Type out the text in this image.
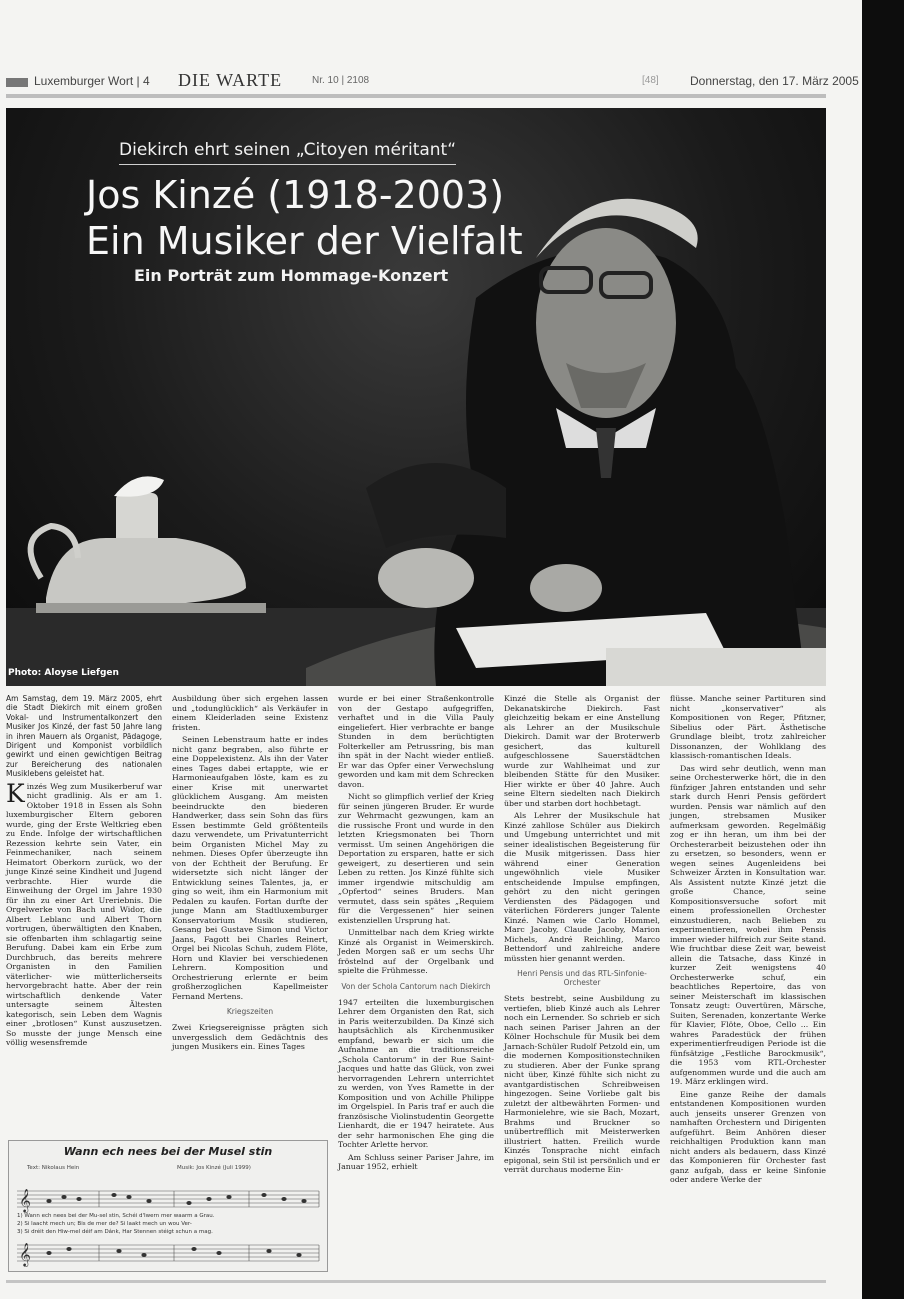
Luxemburger Wort | 4 DIE WARTE	Nr. 10 | 2108	[48]	Donnerstag, den 17. März 2005
Diekirch ehrt seinen „Citoyen méritant“
Jos Kinzé (1918-2003)
Ein Musiker der Vielfalt
Ein Porträt zum Hommage-Konzert
Photo: Aloyse Liefgen

Am Samstag, dem 19. März 2005, ehrt die Stadt Diekirch mit einem großen Vokal- und Instrumentalkonzert den Musiker Jos Kinzé, der fast 50 Jahre lang in ihren Mauern als Organist, Pädagoge, Dirigent und Komponist vorbildlich gewirkt und einen gewichtigen Beitrag zur Bereicherung des nationalen Musiklebens geleistet hat.

Kinzés Weg zum Musikerberuf war nicht gradlinig. Als er am 1. Oktober 1918 in Essen als Sohn luxemburgischer Eltern geboren wurde, ging der Erste Weltkrieg eben zu Ende. Infolge der wirtschaftlichen Rezession kehrte sein Vater, ein Feinmechaniker, nach seinem Heimatort Oberkorn zurück, wo der junge Kinzé seine Kindheit und Jugend verbrachte. Hier wurde die Einweihung der Orgel im Jahre 1930 für ihn zu einer Art Ureriebnis. Die Orgelwerke von Bach und Widor, die Albert Leblanc und Albert Thorn vortrugen, überwältigten den Knaben, sie offenbarten ihm schlagartig seine Berufung. Dabei kam ein Erbe zum Durchbruch, das bereits mehrere Organisten in den Familien väterlicher- wie mütterlicherseits hervorgebracht hatte. Aber der rein wirtschaftlich denkende Vater untersagte seinem Ältesten kategorisch, sein Leben dem Wagnis einer „brotlosen“ Kunst auszusetzen. So musste der junge Mensch eine völlig wesensfremde

Ausbildung über sich ergehen lassen und „todunglücklich“ als Verkäufer in einem Kleiderladen seine Existenz fristen.

Seinen Lebenstraum hatte er indes nicht ganz begraben, also führte er eine Doppelexistenz. Als ihn der Vater eines Tages dabei ertappte, wie er Harmonieaufgaben löste, kam es zu einer Krise mit unerwartet glücklichem Ausgang. Am meisten beeindruckte den biederen Handwerker, dass sein Sohn das fürs Essen bestimmte Geld größtenteils dazu verwendete, um Privatunterricht beim Organisten Michel May zu nehmen. Dieses Opfer überzeugte ihn von der Echtheit der Berufung. Er widersetzte sich nicht länger der Entwicklung seines Talentes, ja, er ging so weit, ihm ein Harmonium mit Pedalen zu kaufen. Fortan durfte der junge Mann am Stadtluxemburger Konservatorium Musik studieren, Gesang bei Gustave Simon und Victor Jaans, Fagott bei Charles Reinert, Orgel bei Nicolas Schuh, zudem Flöte, Horn und Klavier bei verschiedenen Lehrern. Komposition und Orchestrierung erlernte er beim großherzoglichen Kapellmeister Fernand Mertens.

Kriegszeiten

Zwei Kriegsereignisse prägten sich unvergesslich dem Gedächtnis des jungen Musikers ein. Eines Tages

wurde er bei einer Straßenkontrolle von der Gestapo aufgegriffen, verhaftet und in die Villa Pauly eingeliefert. Hier verbrachte er bange Stunden in dem berüchtigten Folterkeller am Petrussring, bis man ihn spät in der Nacht wieder entließ. Er war das Opfer einer Verwechslung geworden und kam mit dem Schrecken davon.

Nicht so glimpflich verlief der Krieg für seinen jüngeren Bruder. Er wurde zur Wehrmacht gezwungen, kam an die russische Front und wurde in den letzten Kriegsmonaten bei Thorn vermisst. Um seinen Angehörigen die Deportation zu ersparen, hatte er sich geweigert, zu desertieren und sein Leben zu retten. Jos Kinzé fühlte sich immer irgendwie mitschuldig am „Opfertod“ seines Bruders. Man vermutet, dass sein spätes „Requiem für die Vergessenen“ hier seinen existenziellen Ursprung hat.

Unmittelbar nach dem Krieg wirkte Kinzé als Organist in Weimerskirch. Jeden Morgen saß er um sechs Uhr fröstelnd auf der Orgelbank und spielte die Frühmesse.

Von der Schola Cantorum nach Diekirch

1947 erteilten die luxemburgischen Lehrer dem Organisten den Rat, sich in Paris weiterzubilden. Da Kinzé sich hauptsächlich als Kirchenmusiker empfand, bewarb er sich um die Aufnahme an die traditionsreiche „Schola Cantorum“ in der Rue Saint-Jacques und hatte das Glück, von zwei hervorragenden Lehrern unterrichtet zu werden, von Yves Ramette in der Komposition und von Achille Philippe im Orgelspiel. In Paris traf er auch die französische Violinstudentin Georgette Lienhardt, die er 1947 heiratete. Aus der sehr harmonischen Ehe ging die Tochter Arlette hervor.

Am Schluss seiner Pariser Jahre, im Januar 1952, erhielt

Kinzé die Stelle als Organist der Dekanatskirche Diekirch. Fast gleichzeitig bekam er eine Anstellung als Lehrer an der Musikschule Diekirch. Damit war der Broterwerb gesichert, das kulturell aufgeschlossene Sauerstädtchen wurde zur Wahlheimat und zur bleibenden Stätte für den Musiker. Hier wirkte er über 40 Jahre. Auch seine Eltern siedelten nach Diekirch über und starben dort hochbetagt.

Als Lehrer der Musikschule hat Kinzé zahllose Schüler aus Diekirch und Umgebung unterrichtet und mit seiner idealistischen Begeisterung für die Musik mitgerissen. Dass hier während einer Generation ungewöhnlich viele Musiker entscheidende Impulse empfingen, gehört zu den nicht geringen Verdiensten des Pädagogen und väterlichen Förderers junger Talente Kinzé. Namen wie Carlo Hommel, Marc Jacoby, Claude Jacoby, Marion Michels, André Reichling, Marco Bettendorf und zahlreiche andere müssten hier genannt werden.

Henri Pensis und das RTL-Sinfonie-Orchester

Stets bestrebt, seine Ausbildung zu vertiefen, blieb Kinzé auch als Lehrer noch ein Lernender. So schrieb er sich nach seinen Pariser Jahren an der Kölner Hochschule für Musik bei dem Jarnach-Schüler Rudolf Petzold ein, um die modernen Kompositionstechniken zu studieren. Aber der Funke sprang nicht über, Kinzé fühlte sich nicht zu avantgardistischen Schreibweisen hingezogen. Seine Vorliebe galt bis zuletzt der altbewährten Formen- und Harmonielehre, wie sie Bach, Mozart, Brahms und Bruckner so unübertrefflich mit Meisterwerken illustriert hatten. Freilich wurde Kinzés Tonsprache nicht einfach epigonal, sein Stil ist persönlich und er verrät durchaus moderne Ein-

flüsse. Manche seiner Partituren sind nicht „konservativer“ als Kompositionen von Reger, Pfitzner, Sibelius oder Pärt. Ästhetische Grundlage bleibt, trotz zahlreicher Dissonanzen, der Wohlklang des klassisch-romantischen Ideals.

Das wird sehr deutlich, wenn man seine Orchesterwerke hört, die in den fünfziger Jahren entstanden und sehr stark durch Henri Pensis gefördert wurden. Pensis war nämlich auf den jungen, strebsamen Musiker aufmerksam geworden. Regelmäßig zog er ihn heran, um ihm bei der Orchesterarbeit beizustehen oder ihn zu ersetzen, so besonders, wenn er wegen seines Augenleidens bei Schweizer Ärzten in Konsultation war. Als Assistent nutzte Kinzé jetzt die große Chance, seine Kompositionsversuche sofort mit einem professionellen Orchester einzustudieren, nach Belieben zu experimentieren, wobei ihm Pensis immer wieder hilfreich zur Seite stand. Wie fruchtbar diese Zeit war, beweist allein die Tatsache, dass Kinzé in kurzer Zeit wenigstens 40 Orchesterwerke schuf, ein beachtliches Repertoire, das von seiner Meisterschaft im klassischen Tonsatz zeugt: Ouvertüren, Märsche, Suiten, Serenaden, konzertante Werke für Klavier, Flöte, Oboe, Cello ... Ein wahres Paradestück der frühen experimentierfreudigen Periode ist die fünfsätzige „Festliche Barockmusik“, die 1953 vom RTL-Orchester aufgenommen wurde und die auch am 19. März erklingen wird.

Eine ganze Reihe der damals entstandenen Kompositionen wurden auch jenseits unserer Grenzen von namhaften Orchestern und Dirigenten aufgeführt. Beim Anhören dieser reichhaltigen Produktion kann man nicht anders als bedauern, dass Kinzé das Komponieren für Orchester fast ganz aufgab, dass er keine Sinfonie oder andere Werke der

Wann ech nees bei der Musel stin
Text: Nikolaus Hein	Musik: Jos Kinzé (Juli 1999)
𝄞
𝄞
1) Wann ech nees bei der Mu-sel stin, Schéi d'Iwern mer waarm a Grau.
2) Si laacht mech un; Bis de mer de? Si laakt mech un wou Ver-
3) Si dréit den Hiw-mel déif am Dánk, Har Stennen stéigt schun a mag.
